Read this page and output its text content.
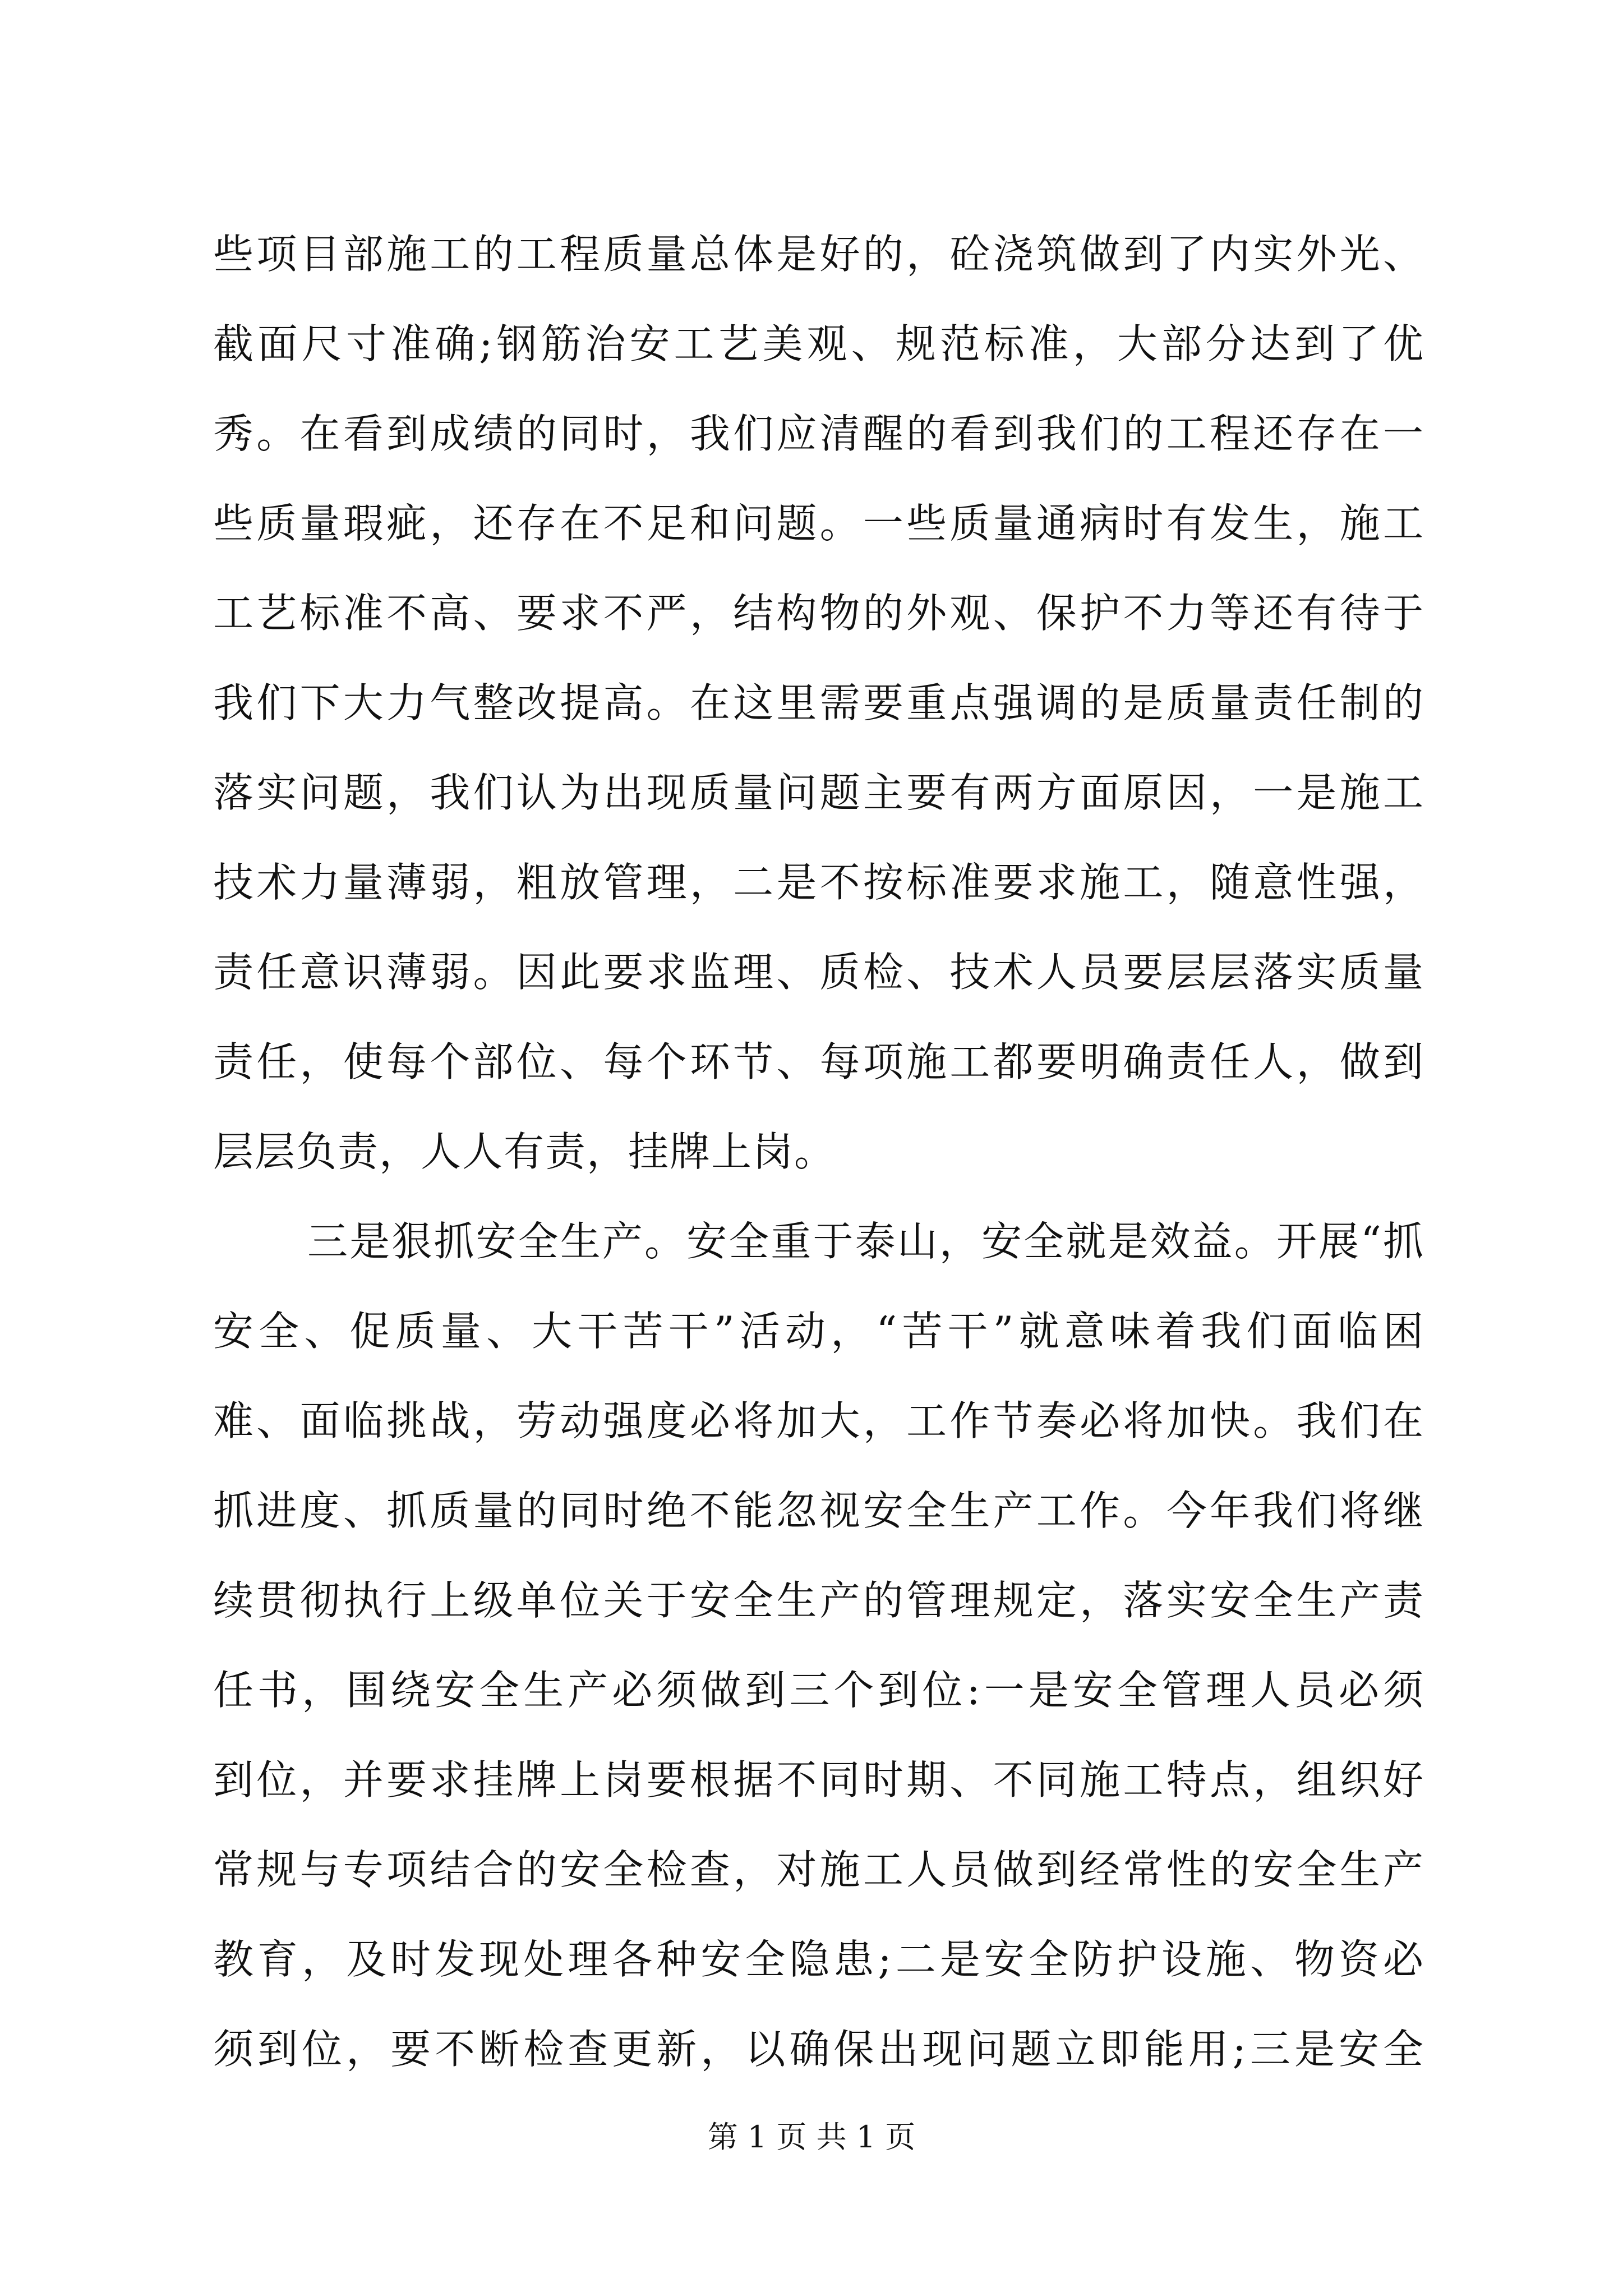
些项目部施工的工程质量总体是好的，砼浇筑做到了内实外光、
截面尺寸准确;钢筋治安工艺美观、规范标准，大部分达到了优
秀。在看到成绩的同时，我们应清醒的看到我们的工程还存在一
些质量瑕疵，还存在不足和问题。一些质量通病时有发生，施工
工艺标准不高、要求不严，结构物的外观、保护不力等还有待于
我们下大力气整改提高。在这里需要重点强调的是质量责任制的
落实问题，我们认为出现质量问题主要有两方面原因，一是施工
技术力量薄弱，粗放管理，二是不按标准要求施工，随意性强，
责任意识薄弱。因此要求监理、质检、技术人员要层层落实质量
责任，使每个部位、每个环节、每项施工都要明确责任人，做到
层层负责，人人有责，挂牌上岗。
三是狠抓安全生产。安全重于泰山，安全就是效益。开展“抓
安全、促质量、大干苦干”活动，“苦干”就意味着我们面临困
难、面临挑战，劳动强度必将加大，工作节奏必将加快。我们在
抓进度、抓质量的同时绝不能忽视安全生产工作。今年我们将继
续贯彻执行上级单位关于安全生产的管理规定，落实安全生产责
任书，围绕安全生产必须做到三个到位:一是安全管理人员必须
到位，并要求挂牌上岗要根据不同时期、不同施工特点，组织好
常规与专项结合的安全检查，对施工人员做到经常性的安全生产
教育，及时发现处理各种安全隐患;二是安全防护设施、物资必
须到位，要不断检查更新，以确保出现问题立即能用;三是安全
第 1 页 共 1 页
